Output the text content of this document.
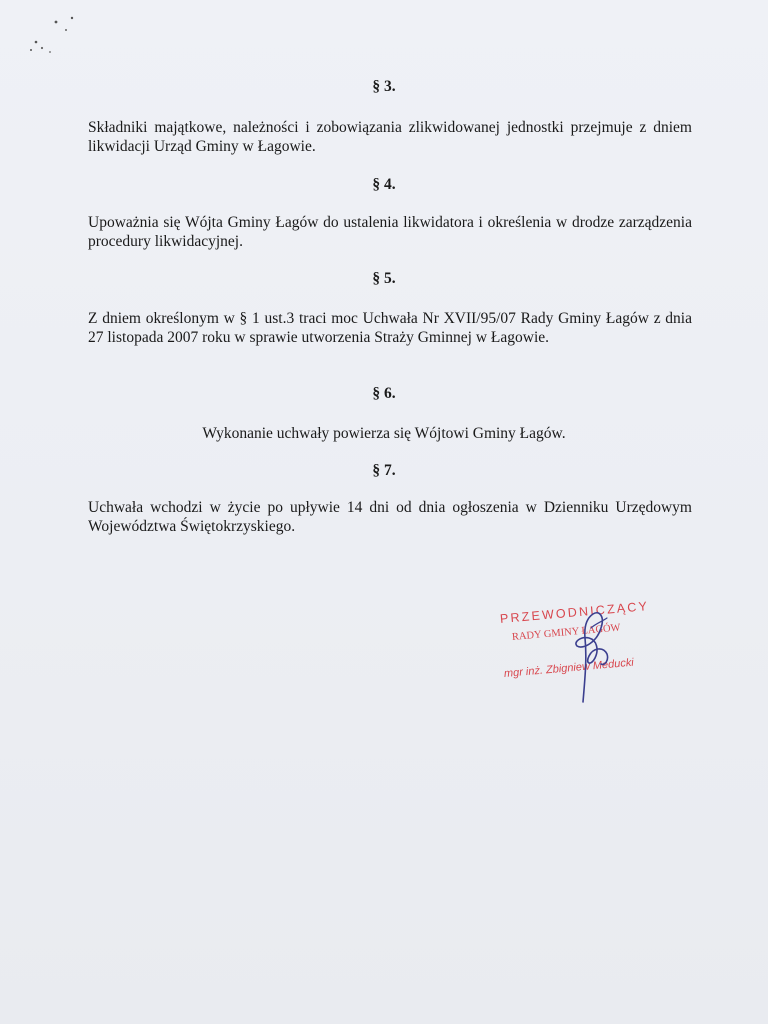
§ 3.
Składniki majątkowe, należności i zobowiązania zlikwidowanej jednostki przejmuje z dniem likwidacji Urząd Gminy w Łagowie.
§ 4.
Upoważnia się Wójta Gminy Łagów do ustalenia likwidatora i określenia w drodze zarządzenia procedury likwidacyjnej.
§ 5.
Z dniem określonym w § 1 ust.3 traci moc Uchwała Nr XVII/95/07 Rady Gminy Łagów z dnia 27 listopada 2007 roku w sprawie utworzenia Straży Gminnej w Łagowie.
§ 6.
Wykonanie uchwały powierza się Wójtowi Gminy Łagów.
§ 7.
Uchwała wchodzi w życie po upływie 14 dni od dnia ogłoszenia w Dzienniku Urzędowym Województwa Świętokrzyskiego.
PRZEWODNICZĄCY
RADY GMINY ŁAGÓW
mgr inż. Zbigniew Meducki
